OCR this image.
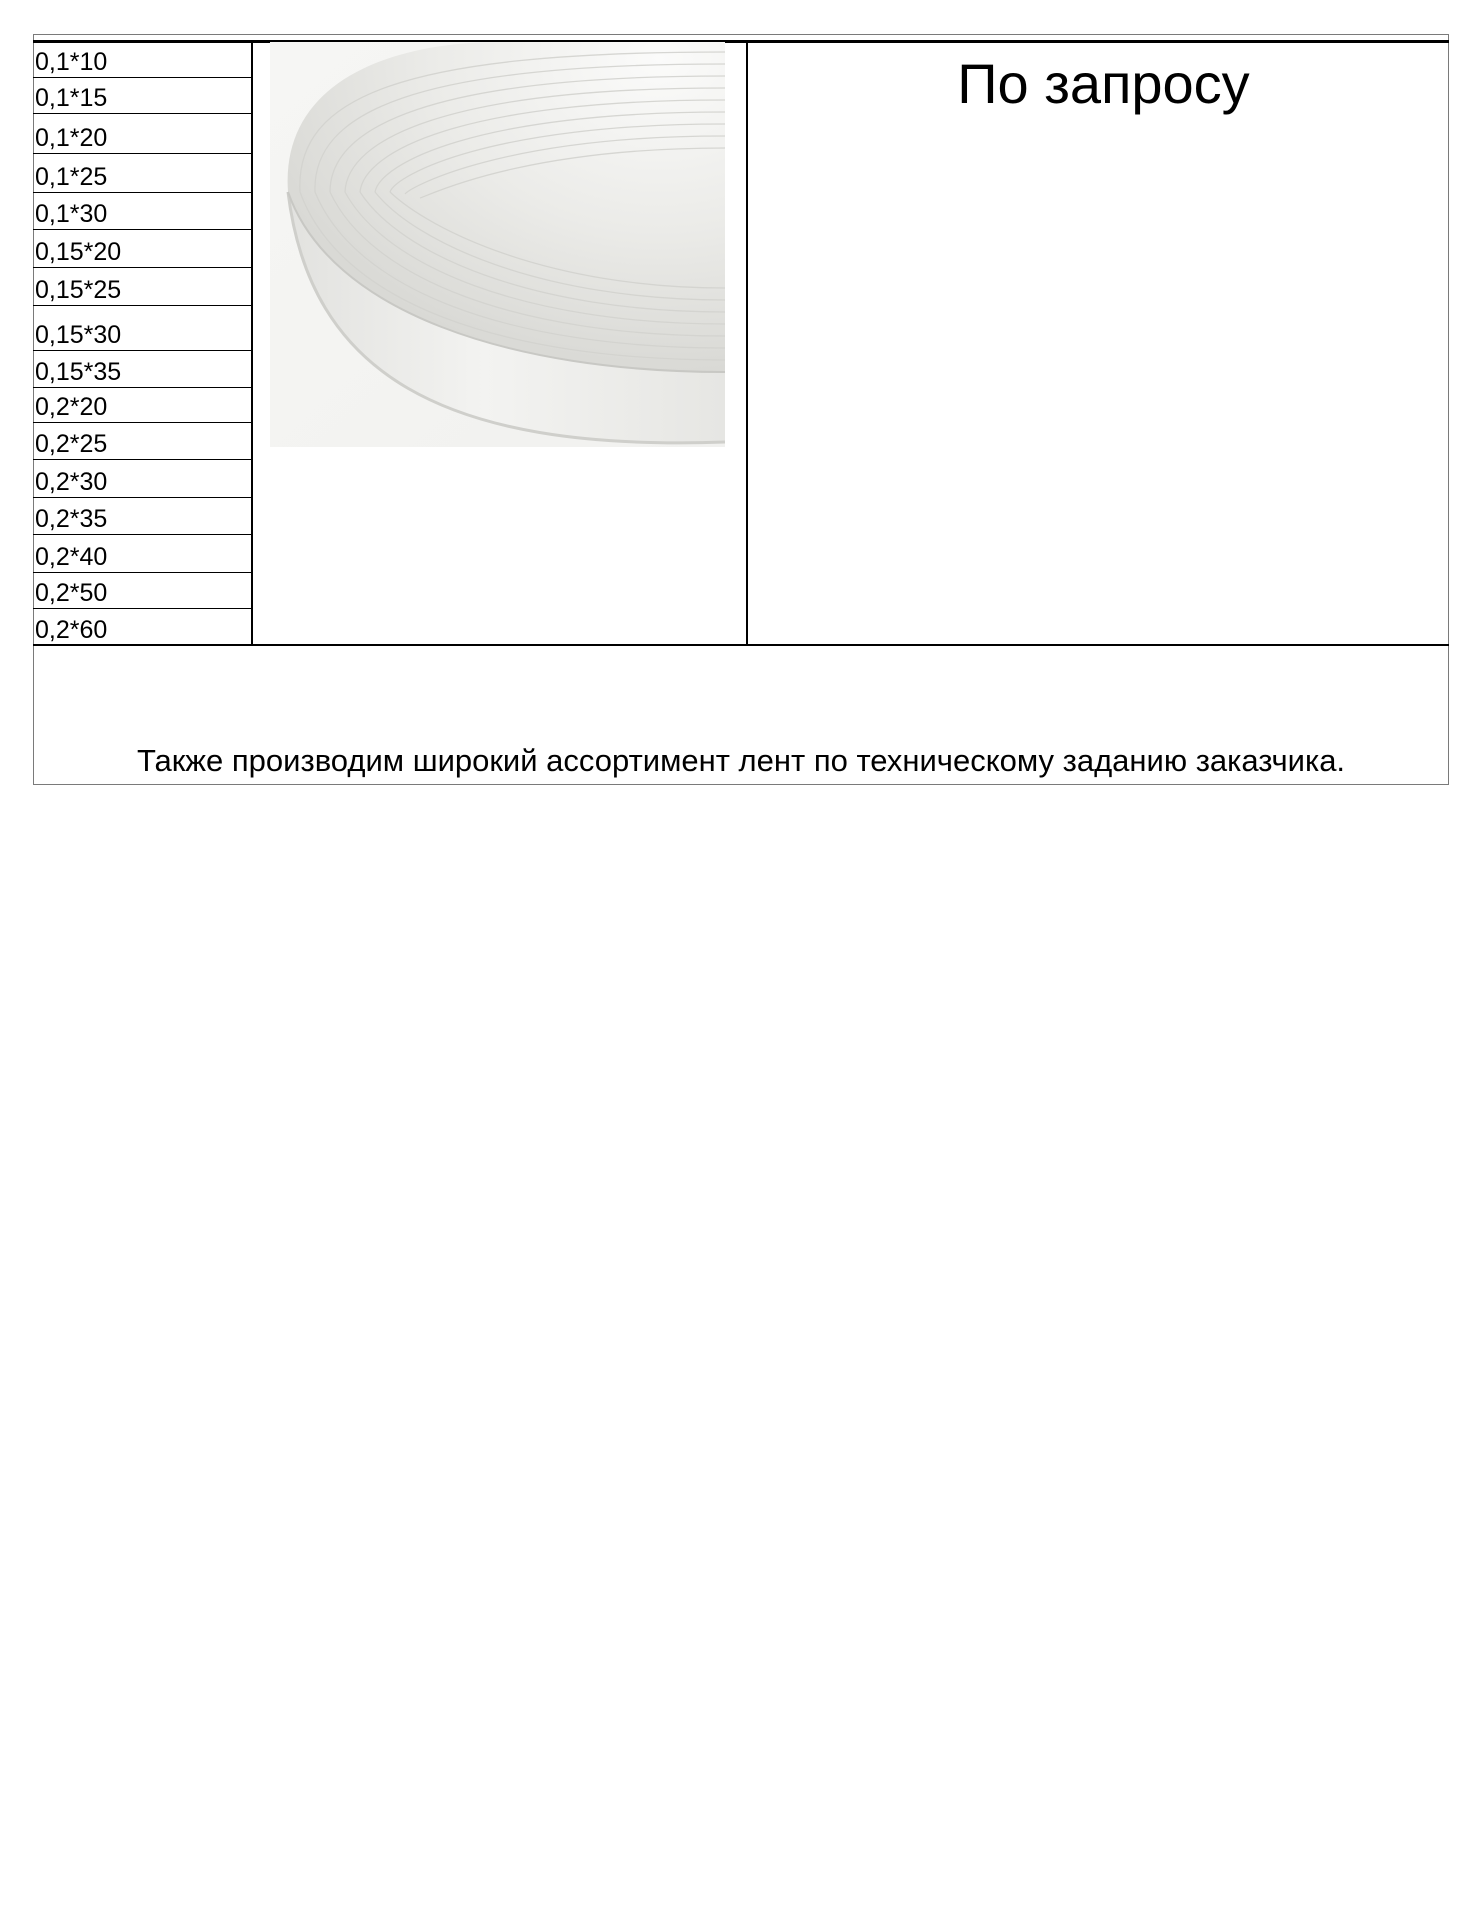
0,1*10
0,1*15
0,1*20
0,1*25
0,1*30
0,15*20
0,15*25
0,15*30
0,15*35
0,2*20
0,2*25
0,2*30
0,2*35
0,2*40
0,2*50
0,2*60
По запросу
Также производим широкий ассортимент лент по техническому заданию заказчика.
